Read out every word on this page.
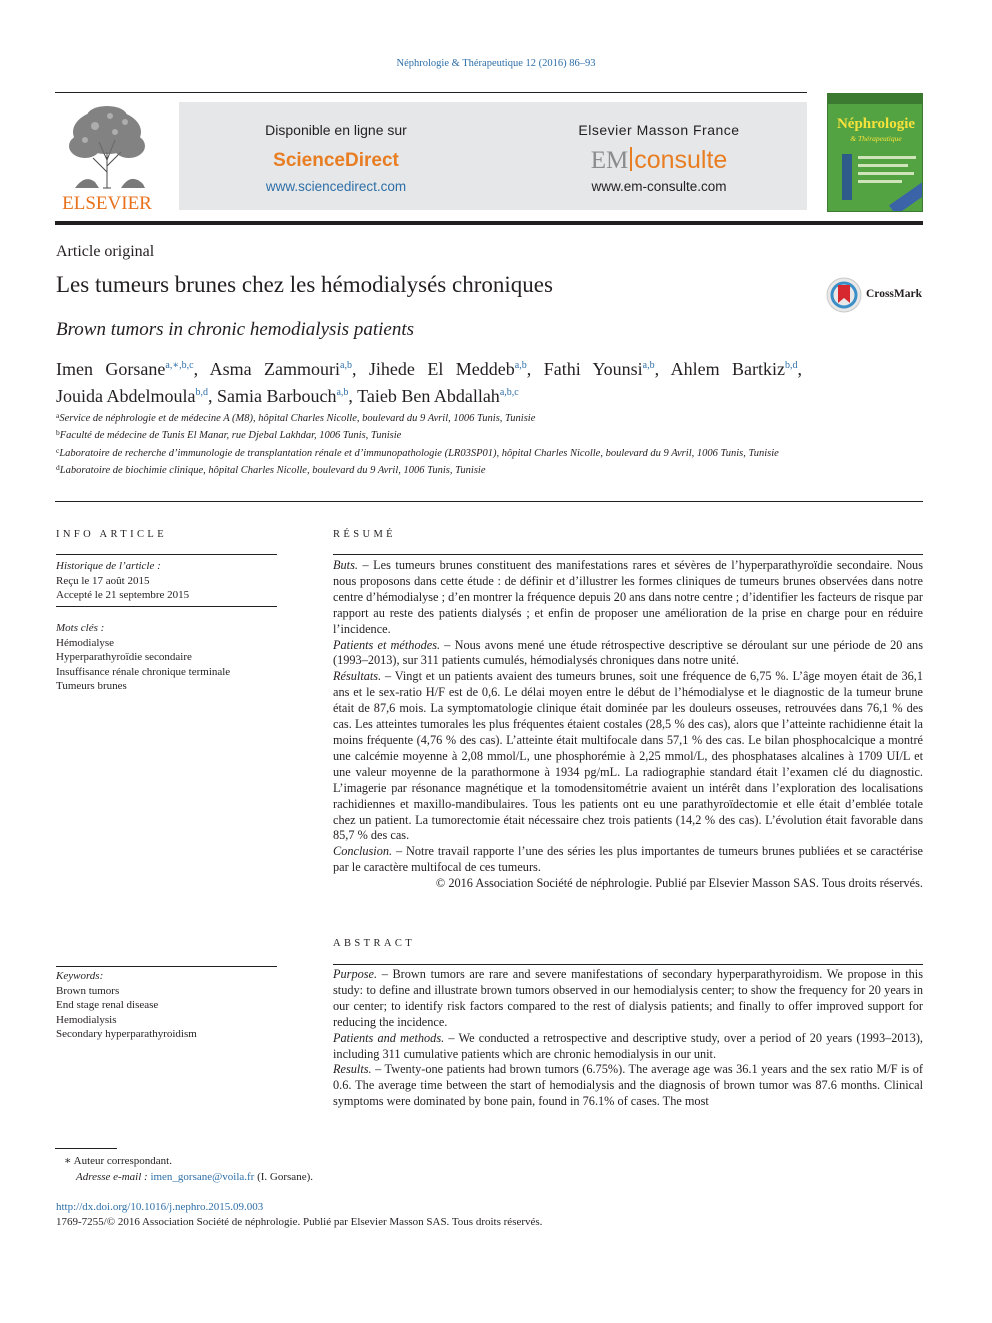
Néphrologie & Thérapeutique 12 (2016) 86–93
ELSEVIER
Disponible en ligne sur
ScienceDirect
www.sciencedirect.com
Elsevier Masson France
EM consulte
www.em-consulte.com
Néphrologie
& Thérapeutique
Article original
Les tumeurs brunes chez les hémodialysés chroniques
Brown tumors in chronic hemodialysis patients
CrossMark
Imen Gorsane$^{a,∗,b,c}$, Asma Zammouri$^{a,b}$, Jihede El Meddeb$^{a,b}$, Fathi Younsi$^{a,b}$, Ahlem Bartkiz$^{b,d}$, Jouida Abdelmoula$^{b,d}$, Samia Barbouch$^{a,b}$, Taieb Ben Abdallah$^{a,b,c}$
$^a$Service de néphrologie et de médecine A (M8), hôpital Charles Nicolle, boulevard du 9 Avril, 1006 Tunis, Tunisie
$^b$Faculté de médecine de Tunis El Manar, rue Djebal Lakhdar, 1006 Tunis, Tunisie
$^c$Laboratoire de recherche d’immunologie de transplantation rénale et d’immunopathologie (LR03SP01), hôpital Charles Nicolle, boulevard du 9 Avril, 1006 Tunis, Tunisie
$^d$Laboratoire de biochimie clinique, hôpital Charles Nicolle, boulevard du 9 Avril, 1006 Tunis, Tunisie
INFO ARTICLE	RÉSUMÉ
Historique de l’article :
Reçu le 17 août 2015
Accepté le 21 septembre 2015
Mots clés :
Hémodialyse
Hyperparathyroïdie secondaire
Insuffisance rénale chronique terminale
Tumeurs brunes
Keywords:
Brown tumors
End stage renal disease
Hemodialysis
Secondary hyperparathyroidism

Buts. – Les tumeurs brunes constituent des manifestations rares et sévères de l’hyperparathyroïdie secondaire. Nous nous proposons dans cette étude : de définir et d’illustrer les formes cliniques de tumeurs brunes observées dans notre centre d’hémodialyse ; d’en montrer la fréquence depuis 20 ans dans notre centre ; d’identifier les facteurs de risque par rapport au reste des patients dialysés ; et enfin de proposer une amélioration de la prise en charge pour en réduire l’incidence.

Patients et méthodes. – Nous avons mené une étude rétrospective descriptive se déroulant sur une période de 20 ans (1993–2013), sur 311 patients cumulés, hémodialysés chroniques dans notre unité.

Résultats. – Vingt et un patients avaient des tumeurs brunes, soit une fréquence de 6,75 %. L’âge moyen était de 36,1 ans et le sex-ratio H/F est de 0,6. Le délai moyen entre le début de l’hémodialyse et le diagnostic de la tumeur brune était de 87,6 mois. La symptomatologie clinique était dominée par les douleurs osseuses, retrouvées dans 76,1 % des cas. Les atteintes tumorales les plus fréquentes étaient costales (28,5 % des cas), alors que l’atteinte rachidienne était la moins fréquente (4,76 % des cas). L’atteinte était multifocale dans 57,1 % des cas. Le bilan phosphocalcique a montré une calcémie moyenne à 2,08 mmol/L, une phosphorémie à 2,25 mmol/L, des phosphatases alcalines à 1709 UI/L et une valeur moyenne de la parathormone à 1934 pg/mL. La radiographie standard était l’examen clé du diagnostic. L’imagerie par résonance magnétique et la tomodensitométrie avaient un intérêt dans l’exploration des localisations rachidiennes et maxillo-mandibulaires. Tous les patients ont eu une parathyroïdectomie et elle était d’emblée totale chez un patient. La tumorectomie était nécessaire chez trois patients (14,2 % des cas). L’évolution était favorable dans 85,7 % des cas.

Conclusion. – Notre travail rapporte l’une des séries les plus importantes de tumeurs brunes publiées et se caractérise par le caractère multifocal de ces tumeurs.

© 2016 Association Société de néphrologie. Publié par Elsevier Masson SAS. Tous droits réservés.

ABSTRACT

Purpose. – Brown tumors are rare and severe manifestations of secondary hyperparathyroidism. We propose in this study: to define and illustrate brown tumors observed in our hemodialysis center; to show the frequency for 20 years in our center; to identify risk factors compared to the rest of dialysis patients; and finally to offer improved support for reducing the incidence.

Patients and methods. – We conducted a retrospective and descriptive study, over a period of 20 years (1993–2013), including 311 cumulative patients which are chronic hemodialysis in our unit.

Results. – Twenty-one patients had brown tumors (6.75%). The average age was 36.1 years and the sex ratio M/F is of 0.6. The average time between the start of hemodialysis and the diagnosis of brown tumor was 87.6 months. Clinical symptoms were dominated by bone pain, found in 76.1% of cases. The most

∗ Auteur correspondant.
Adresse e-mail : imen_gorsane@voila.fr (I. Gorsane).
http://dx.doi.org/10.1016/j.nephro.2015.09.003
1769-7255/© 2016 Association Société de néphrologie. Publié par Elsevier Masson SAS. Tous droits réservés.
